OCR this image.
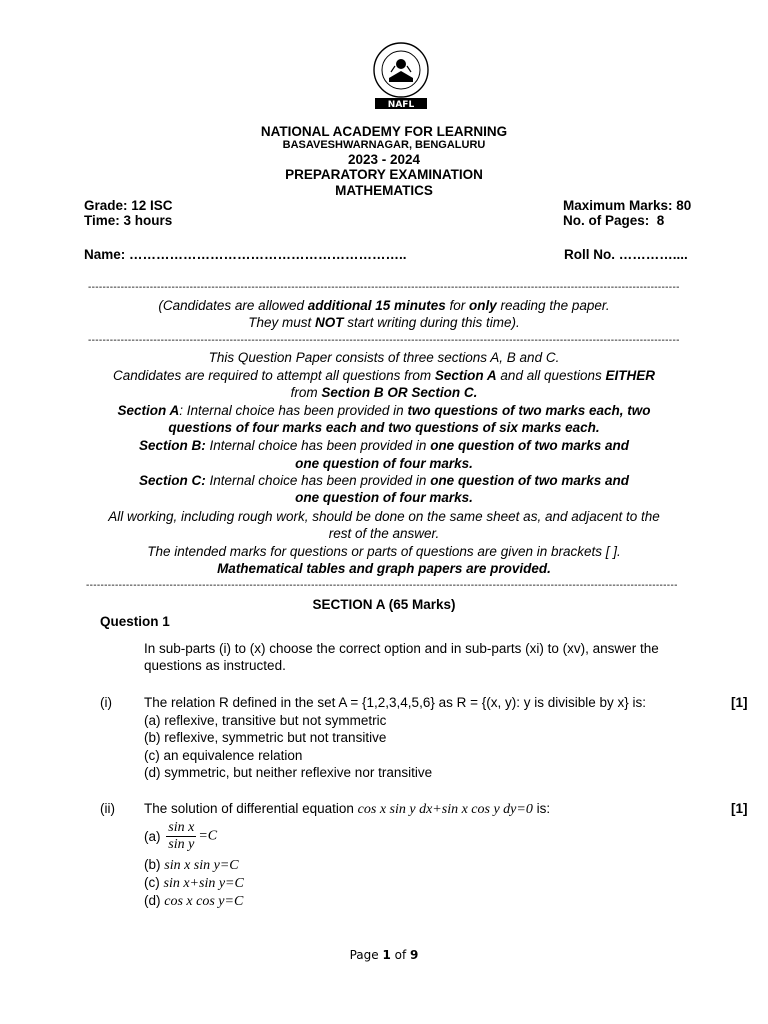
NAFL
NATIONAL ACADEMY FOR LEARNING
BASAVESHWARNAGAR, BENGALURU
2023 - 2024
PREPARATORY EXAMINATION
MATHEMATICS
Grade: 12 ISC
Time: 3 hours
Maximum Marks: 80
No. of Pages:  8
Name: ……………………………………………………..	Roll No. …………....
-------------------------------------------------------------------------------------------------------------------------------------------------------------------
(Candidates are allowed additional 15 minutes for only reading the paper.
They must NOT start writing during this time).
-------------------------------------------------------------------------------------------------------------------------------------------------------------------
This Question Paper consists of three sections A, B and C.
Candidates are required to attempt all questions from Section A and all questions EITHER
from Section B OR Section C.
Section A: Internal choice has been provided in two questions of two marks each, two
questions of four marks each and two questions of six marks each.
Section B: Internal choice has been provided in one question of two marks and
one question of four marks.
Section C: Internal choice has been provided in one question of two marks and
one question of four marks.
All working, including rough work, should be done on the same sheet as, and adjacent to the
rest of the answer.
The intended marks for questions or parts of questions are given in brackets [ ].
Mathematical tables and graph papers are provided.
-------------------------------------------------------------------------------------------------------------------------------------------------------------------
SECTION A (65 Marks)
Question 1
In sub-parts (i) to (x) choose the correct option and in sub-parts (xi) to (xv), answer the
questions as instructed.
(i) The relation R defined in the set A = {1,2,3,4,5,6} as R = {(x, y): y is divisible by x} is:	[1]
(a) reflexive, transitive but not symmetric
(b) reflexive, symmetric but not transitive
(c) an equivalence relation
(d) symmetric, but neither reflexive nor transitive
(ii) The solution of differential equation cos x sin y dx+sin x cos y dy=0 is:	[1]
$(a) \frac{\text{sin x}}{\text{sin y}} =C$
(b) sin x sin y=C
(c) sin x+sin y=C
(d) cos x cos y=C
Page 1 of 9
